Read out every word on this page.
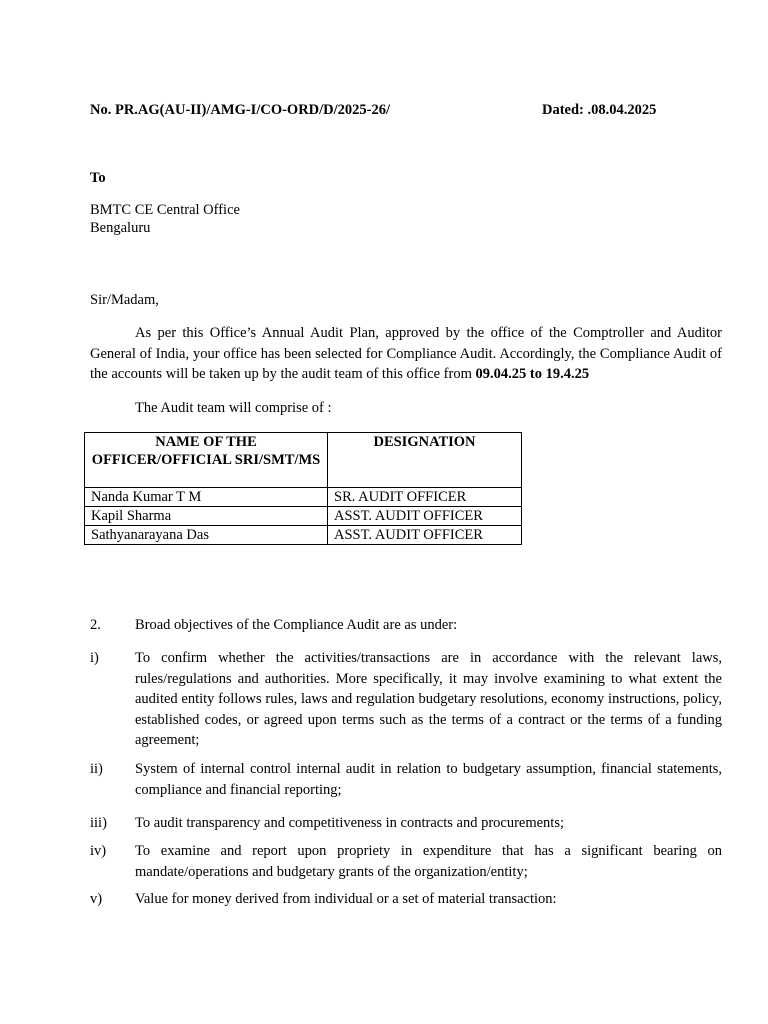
No. PR.AG(AU-II)/AMG-I/CO-ORD/D/2025-26/	Dated: .08.04.2025
To
BMTC CE Central Office
Bengaluru
Sir/Madam,
As per this Office’s Annual Audit Plan, approved by the office of the Comptroller and Auditor General of India, your office has been selected for Compliance Audit. Accordingly, the Compliance Audit of the accounts will be taken up by the audit team of this office from 09.04.25 to 19.4.25
The Audit team will comprise of :
NAME OF THE OFFICER/OFFICIAL SRI/SMT/MS	DESIGNATION
Nanda Kumar T M	SR. AUDIT OFFICER
Kapil Sharma	ASST. AUDIT OFFICER
Sathyanarayana Das	ASST. AUDIT OFFICER
2. Broad objectives of the Compliance Audit are as under:
i) To confirm whether the activities/transactions are in accordance with the relevant laws, rules/regulations and authorities. More specifically, it may involve examining to what extent the audited entity follows rules, laws and regulation budgetary resolutions, economy instructions, policy, established codes, or agreed upon terms such as the terms of a contract or the terms of a funding agreement;
ii) System of internal control internal audit in relation to budgetary assumption, financial statements, compliance and financial reporting;
iii) To audit transparency and competitiveness in contracts and procurements;
iv) To examine and report upon propriety in expenditure that has a significant bearing on mandate/operations and budgetary grants of the organization/entity;
v) Value for money derived from individual or a set of material transaction:
